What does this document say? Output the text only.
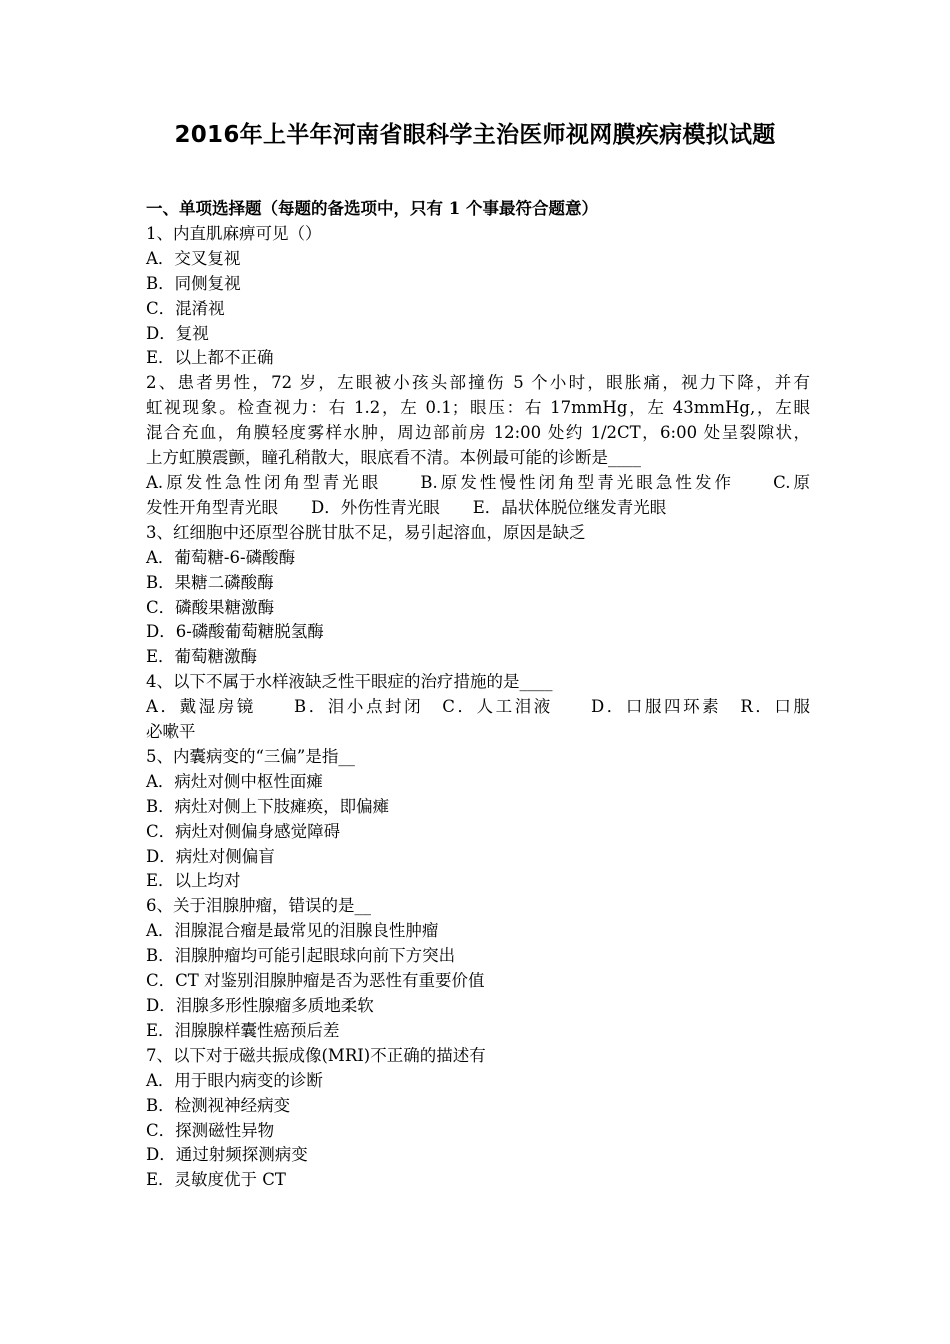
2016年上半年河南省眼科学主治医师视网膜疾病模拟试题

一、单项选择题（每题的备选项中，只有 1 个事最符合题意）

1、内直肌麻痹可见（）

A．交叉复视

B．同侧复视

C．混淆视

D．复视

E．以上都不正确

2、患者男性，72 岁，左眼被小孩头部撞伤 5 个小时，眼胀痛，视力下降，并有

虹视现象。检查视力：右 1.2，左 0.1；眼压：右 17mmHg，左 43mmHg,，左眼

混合充血，角膜轻度雾样水肿，周边部前房 12:00 处约 1/2CT，6:00 处呈裂隙状，

上方虹膜震颤，瞳孔稍散大，眼底看不清。本例最可能的诊断是____

A.原发性急性闭角型青光眼　　B.原发性慢性闭角型青光眼急性发作　　C.原

发性开角型青光眼　　D．外伤性青光眼　　E．晶状体脱位继发青光眼

3、红细胞中还原型谷胱甘肽不足，易引起溶血，原因是缺乏

A．葡萄糖-6-磷酸酶

B．果糖二磷酸酶

C．磷酸果糖激酶

D．6-磷酸葡萄糖脱氢酶

E．葡萄糖激酶

4、以下不属于水样液缺乏性干眼症的治疗措施的是____

A．戴湿房镜　　B．泪小点封闭　C．人工泪液　　D．口服四环素　R．口服

必嗽平

5、内囊病变的“三偏”是指__

A．病灶对侧中枢性面瘫

B．病灶对侧上下肢瘫痪，即偏瘫

C．病灶对侧偏身感觉障碍

D．病灶对侧偏盲

E．以上均对

6、关于泪腺肿瘤，错误的是__

A．泪腺混合瘤是最常见的泪腺良性肿瘤

B．泪腺肿瘤均可能引起眼球向前下方突出

C．CT 对鉴别泪腺肿瘤是否为恶性有重要价值

D．泪腺多形性腺瘤多质地柔软

E．泪腺腺样囊性癌预后差

7、以下对于磁共振成像(MRI)不正确的描述有

A．用于眼内病变的诊断

B．检测视神经病变

C．探测磁性异物

D．通过射频探测病变

E．灵敏度优于 CT
